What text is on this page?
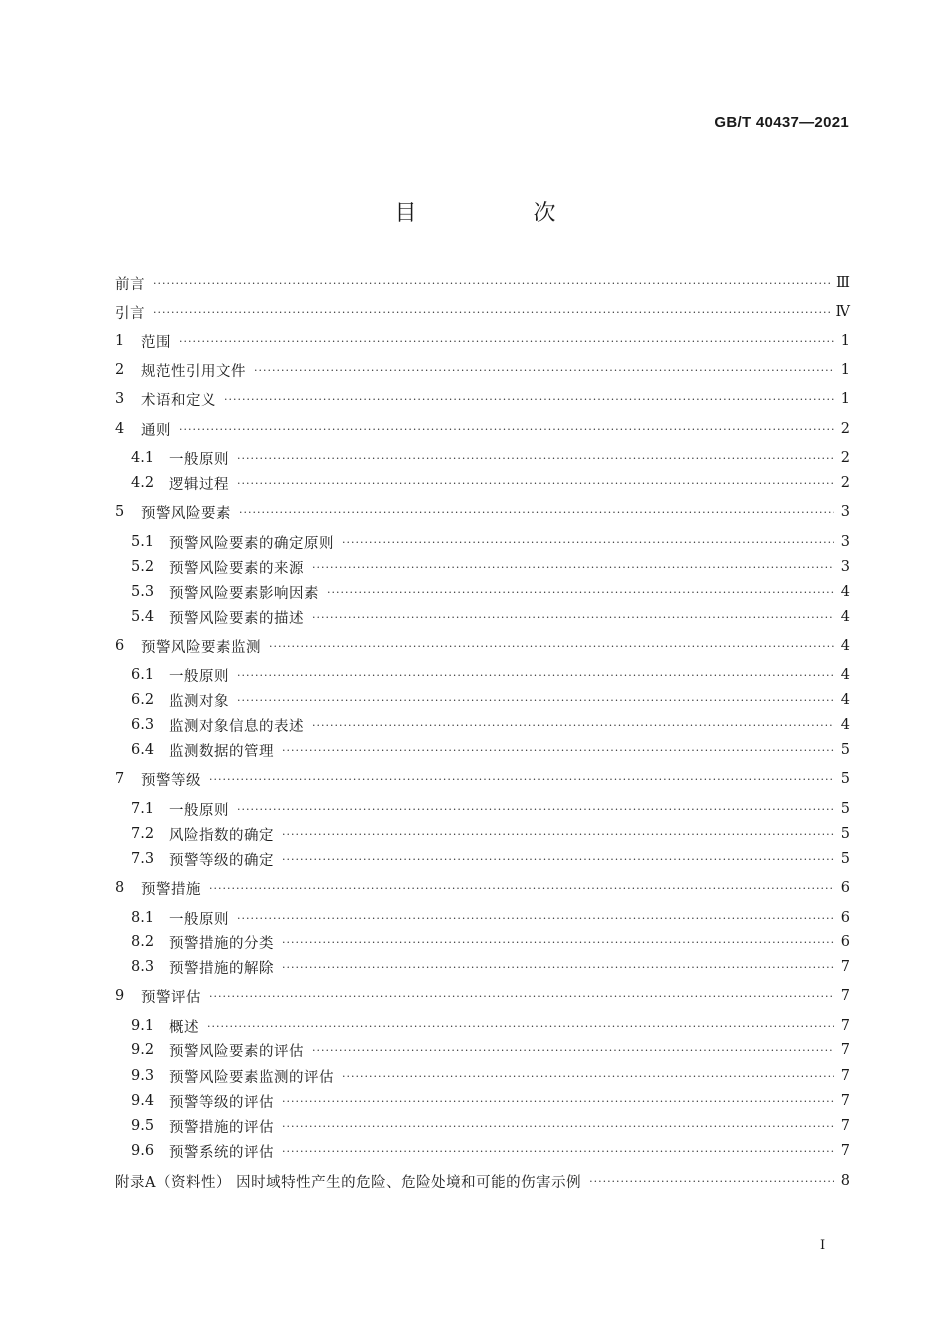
GB/T 40437—2021
目 次
前言 ·····	Ⅲ
引言 ·····	Ⅳ
1	范围 ·····	1
2	规范性引用文件 ·····	1
3	术语和定义 ·····	1
4	通则 ·····	2
4.1	一般原则 ·····	2
4.2	逻辑过程 ·····	2
5	预警风险要素 ·····	3
5.1	预警风险要素的确定原则 ·····	3
5.2	预警风险要素的来源 ·····	3
5.3	预警风险要素影响因素 ·····	4
5.4	预警风险要素的描述 ·····	4
6	预警风险要素监测 ·····	4
6.1	一般原则 ·····	4
6.2	监测对象 ·····	4
6.3	监测对象信息的表述 ·····	4
6.4	监测数据的管理 ·····	5
7	预警等级 ·····	5
7.1	一般原则 ·····	5
7.2	风险指数的确定 ·····	5
7.3	预警等级的确定 ·····	5
8	预警措施 ·····	6
8.1	一般原则 ·····	6
8.2	预警措施的分类 ·····	6
8.3	预警措施的解除 ·····	7
9	预警评估 ·····	7
9.1	概述 ·····	7
9.2	预警风险要素的评估 ·····	7
9.3	预警风险要素监测的评估 ·····	7
9.4	预警等级的评估 ·····	7
9.5	预警措施的评估 ·····	7
9.6	预警系统的评估 ·····	7
附录A（资料性） 因时域特性产生的危险、危险处境和可能的伤害示例 ·····	8
Ⅰ
